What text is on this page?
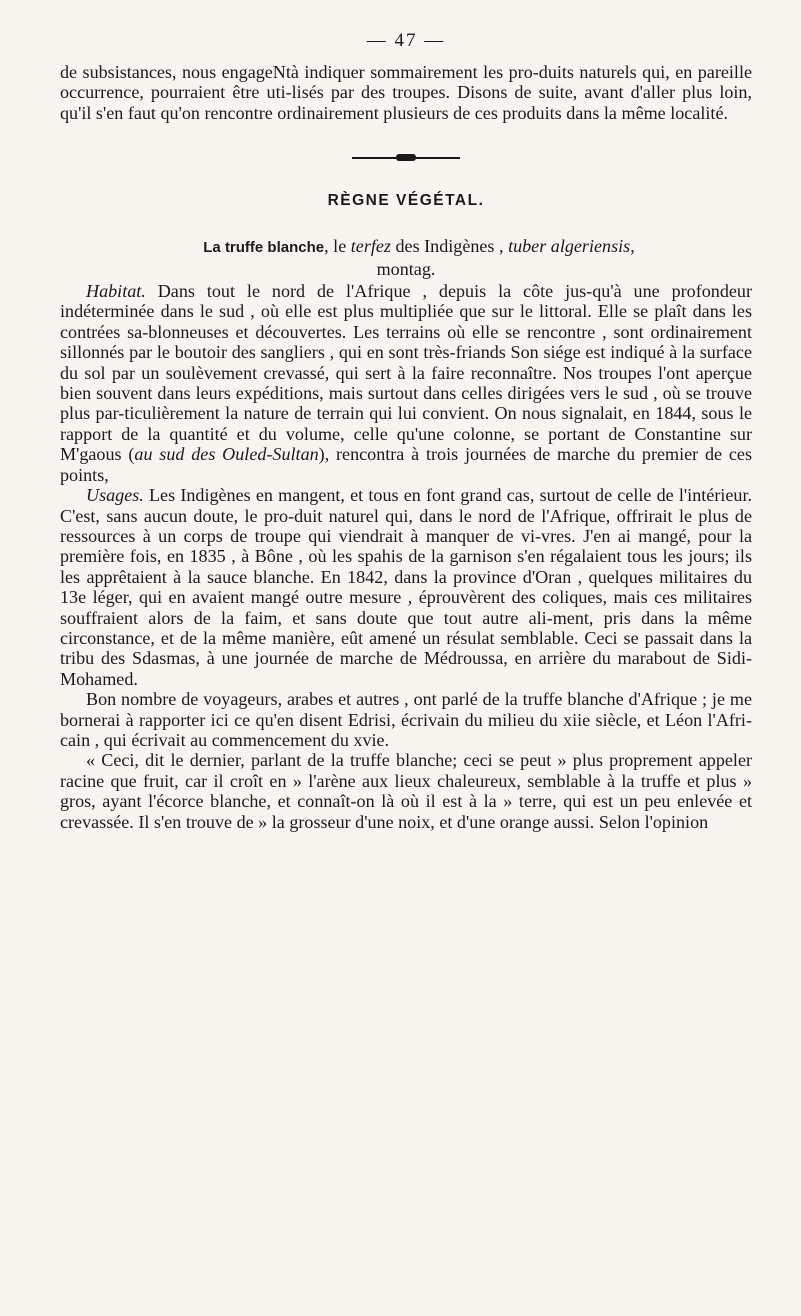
— 47 —

de subsistances, nous engageNtà indiquer sommairement les pro-duits naturels qui, en pareille occurrence, pourraient être uti-lisés par des troupes. Disons de suite, avant d'aller plus loin, qu'il s'en faut qu'on rencontre ordinairement plusieurs de ces produits dans la même localité.

RÈGNE VÉGÉTAL.

La truffe blanche, le terfez des Indigènes , tuber algeriensis,
montag.

Habitat. Dans tout le nord de l'Afrique , depuis la côte jus-qu'à une profondeur indéterminée dans le sud , où elle est plus multipliée que sur le littoral. Elle se plaît dans les contrées sa-blonneuses et découvertes. Les terrains où elle se rencontre , sont ordinairement sillonnés par le boutoir des sangliers , qui en sont très-friands Son siége est indiqué à la surface du sol par un soulèvement crevassé, qui sert à la faire reconnaître. Nos troupes l'ont aperçue bien souvent dans leurs expéditions, mais surtout dans celles dirigées vers le sud , où se trouve plus par-ticulièrement la nature de terrain qui lui convient. On nous signalait, en 1844, sous le rapport de la quantité et du volume, celle qu'une colonne, se portant de Constantine sur M'gaous (au sud des Ouled-Sultan), rencontra à trois journées de marche du premier de ces points,

Usages. Les Indigènes en mangent, et tous en font grand cas, surtout de celle de l'intérieur. C'est, sans aucun doute, le pro-duit naturel qui, dans le nord de l'Afrique, offrirait le plus de ressources à un corps de troupe qui viendrait à manquer de vi-vres. J'en ai mangé, pour la première fois, en 1835 , à Bône , où les spahis de la garnison s'en régalaient tous les jours; ils les apprêtaient à la sauce blanche. En 1842, dans la province d'Oran , quelques militaires du 13e léger, qui en avaient mangé outre mesure , éprouvèrent des coliques, mais ces militaires souffraient alors de la faim, et sans doute que tout autre ali-ment, pris dans la même circonstance, et de la même manière, eût amené un résulat semblable. Ceci se passait dans la tribu des Sdasmas, à une journée de marche de Médroussa, en arrière du marabout de Sidi-Mohamed.

Bon nombre de voyageurs, arabes et autres , ont parlé de la truffe blanche d'Afrique ; je me bornerai à rapporter ici ce qu'en disent Edrisi, écrivain du milieu du xiie siècle, et Léon l'Afri-cain , qui écrivait au commencement du xvie.

« Ceci, dit le dernier, parlant de la truffe blanche; ceci se peut » plus proprement appeler racine que fruit, car il croît en » l'arène aux lieux chaleureux, semblable à la truffe et plus » gros, ayant l'écorce blanche, et connaît-on là où il est à la » terre, qui est un peu enlevée et crevassée. Il s'en trouve de » la grosseur d'une noix, et d'une orange aussi. Selon l'opinion
